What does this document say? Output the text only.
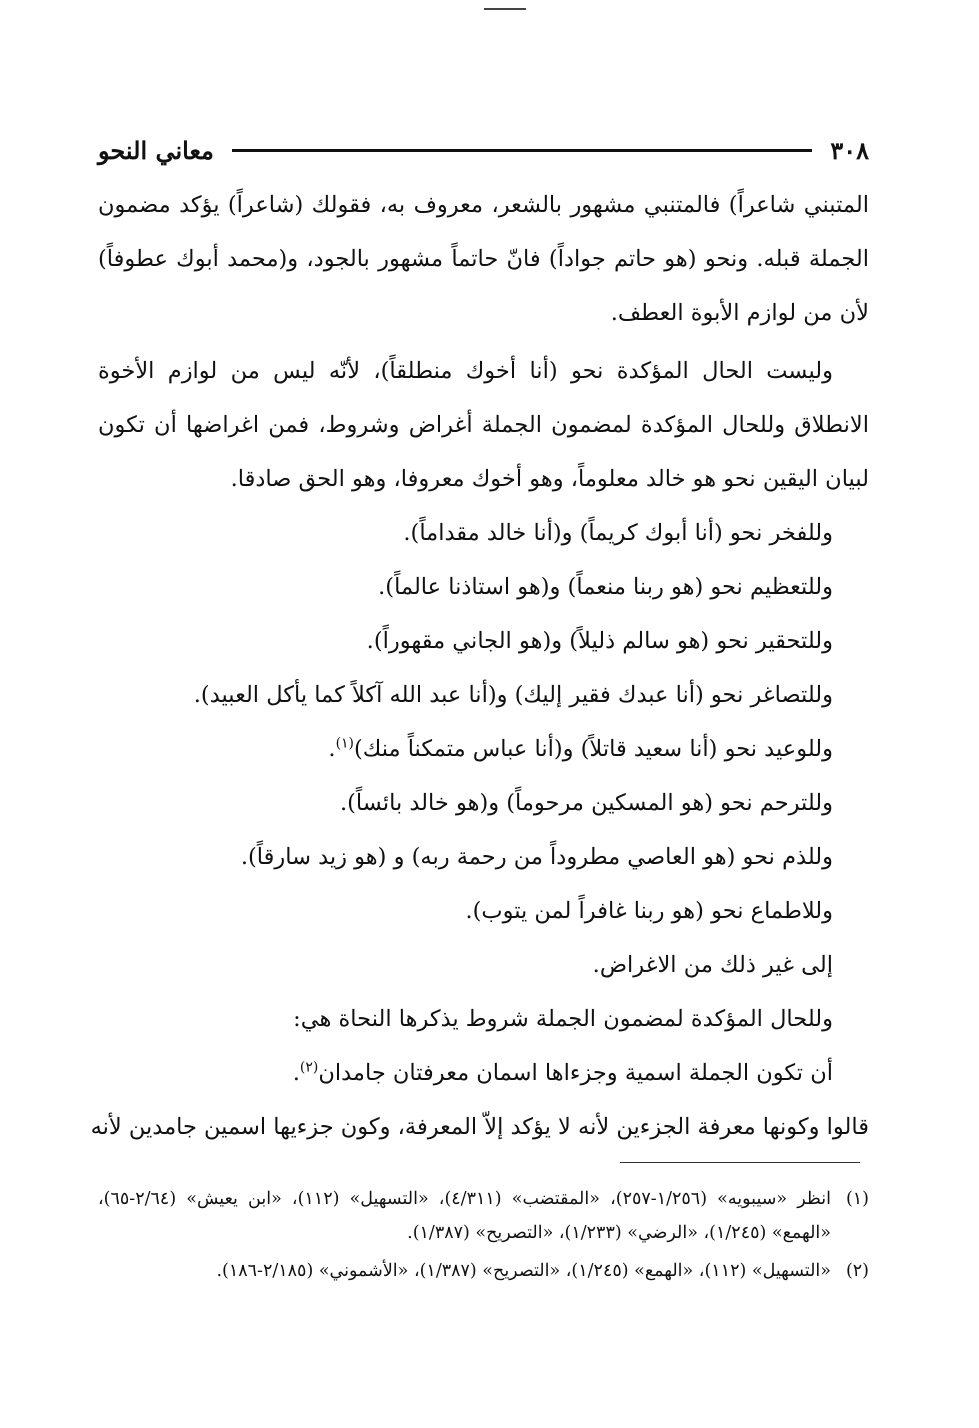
٣٠٨
معاني النحو

المتبني شاعراً) فالمتنبي مشهور بالشعر، معروف به، فقولك (شاعراً) يؤكد مضمون الجملة قبله. ونحو (هو حاتم جواداً) فانّ حاتماً مشهور بالجود، و(محمد أبوك عطوفاً) لأن من لوازم الأبوة العطف.

وليست الحال المؤكدة نحو (أنا أخوك منطلقاً)، لأنّه ليس من لوازم الأخوة الانطلاق وللحال المؤكدة لمضمون الجملة أغراض وشروط، فمن اغراضها أن تكون لبيان اليقين نحو هو خالد معلوماً، وهو أخوك معروفا، وهو الحق صادقا.

وللفخر نحو (أنا أبوك كريماً) و(أنا خالد مقداماً).

وللتعظيم نحو (هو ربنا منعماً) و(هو استاذنا عالماً).

وللتحقير نحو (هو سالم ذليلاً) و(هو الجاني مقهوراً).

وللتصاغر نحو (أنا عبدك فقير إليك) و(أنا عبد الله آكلاً كما يأكل العبيد).

وللوعيد نحو (أنا سعيد قاتلاً) و(أنا عباس متمكناً منك)$^{(١)}$.

وللترحم نحو (هو المسكين مرحوماً) و(هو خالد بائساً).

وللذم نحو (هو العاصي مطروداً من رحمة ربه) و (هو زيد سارقاً).

وللاطماع نحو (هو ربنا غافراً لمن يتوب).

إلى غير ذلك من الاغراض.

وللحال المؤكدة لمضمون الجملة شروط يذكرها النحاة هي:

أن تكون الجملة اسمية وجزءاها اسمان معرفتان جامدان$^{(٢)}$.

قالوا وكونها معرفة الجزءين لأنه لا يؤكد إلاّ المعرفة، وكون جزءيها اسمين جامدين لأنه

(١)
انظر «سيبويه» (١/٢٥٦-٢٥٧)، «المقتضب» (٤/٣١١)، «التسهيل» (١١٢)، «ابن يعيش» (٢/٦٤-٦٥)، «الهمع» (١/٢٤٥)، «الرضي» (١/٢٣٣)، «التصريح» (١/٣٨٧).
(٢)
«التسهيل» (١١٢)، «الهمع» (١/٢٤٥)، «التصريح» (١/٣٨٧)، «الأشموني» (٢/١٨٥-١٨٦).
